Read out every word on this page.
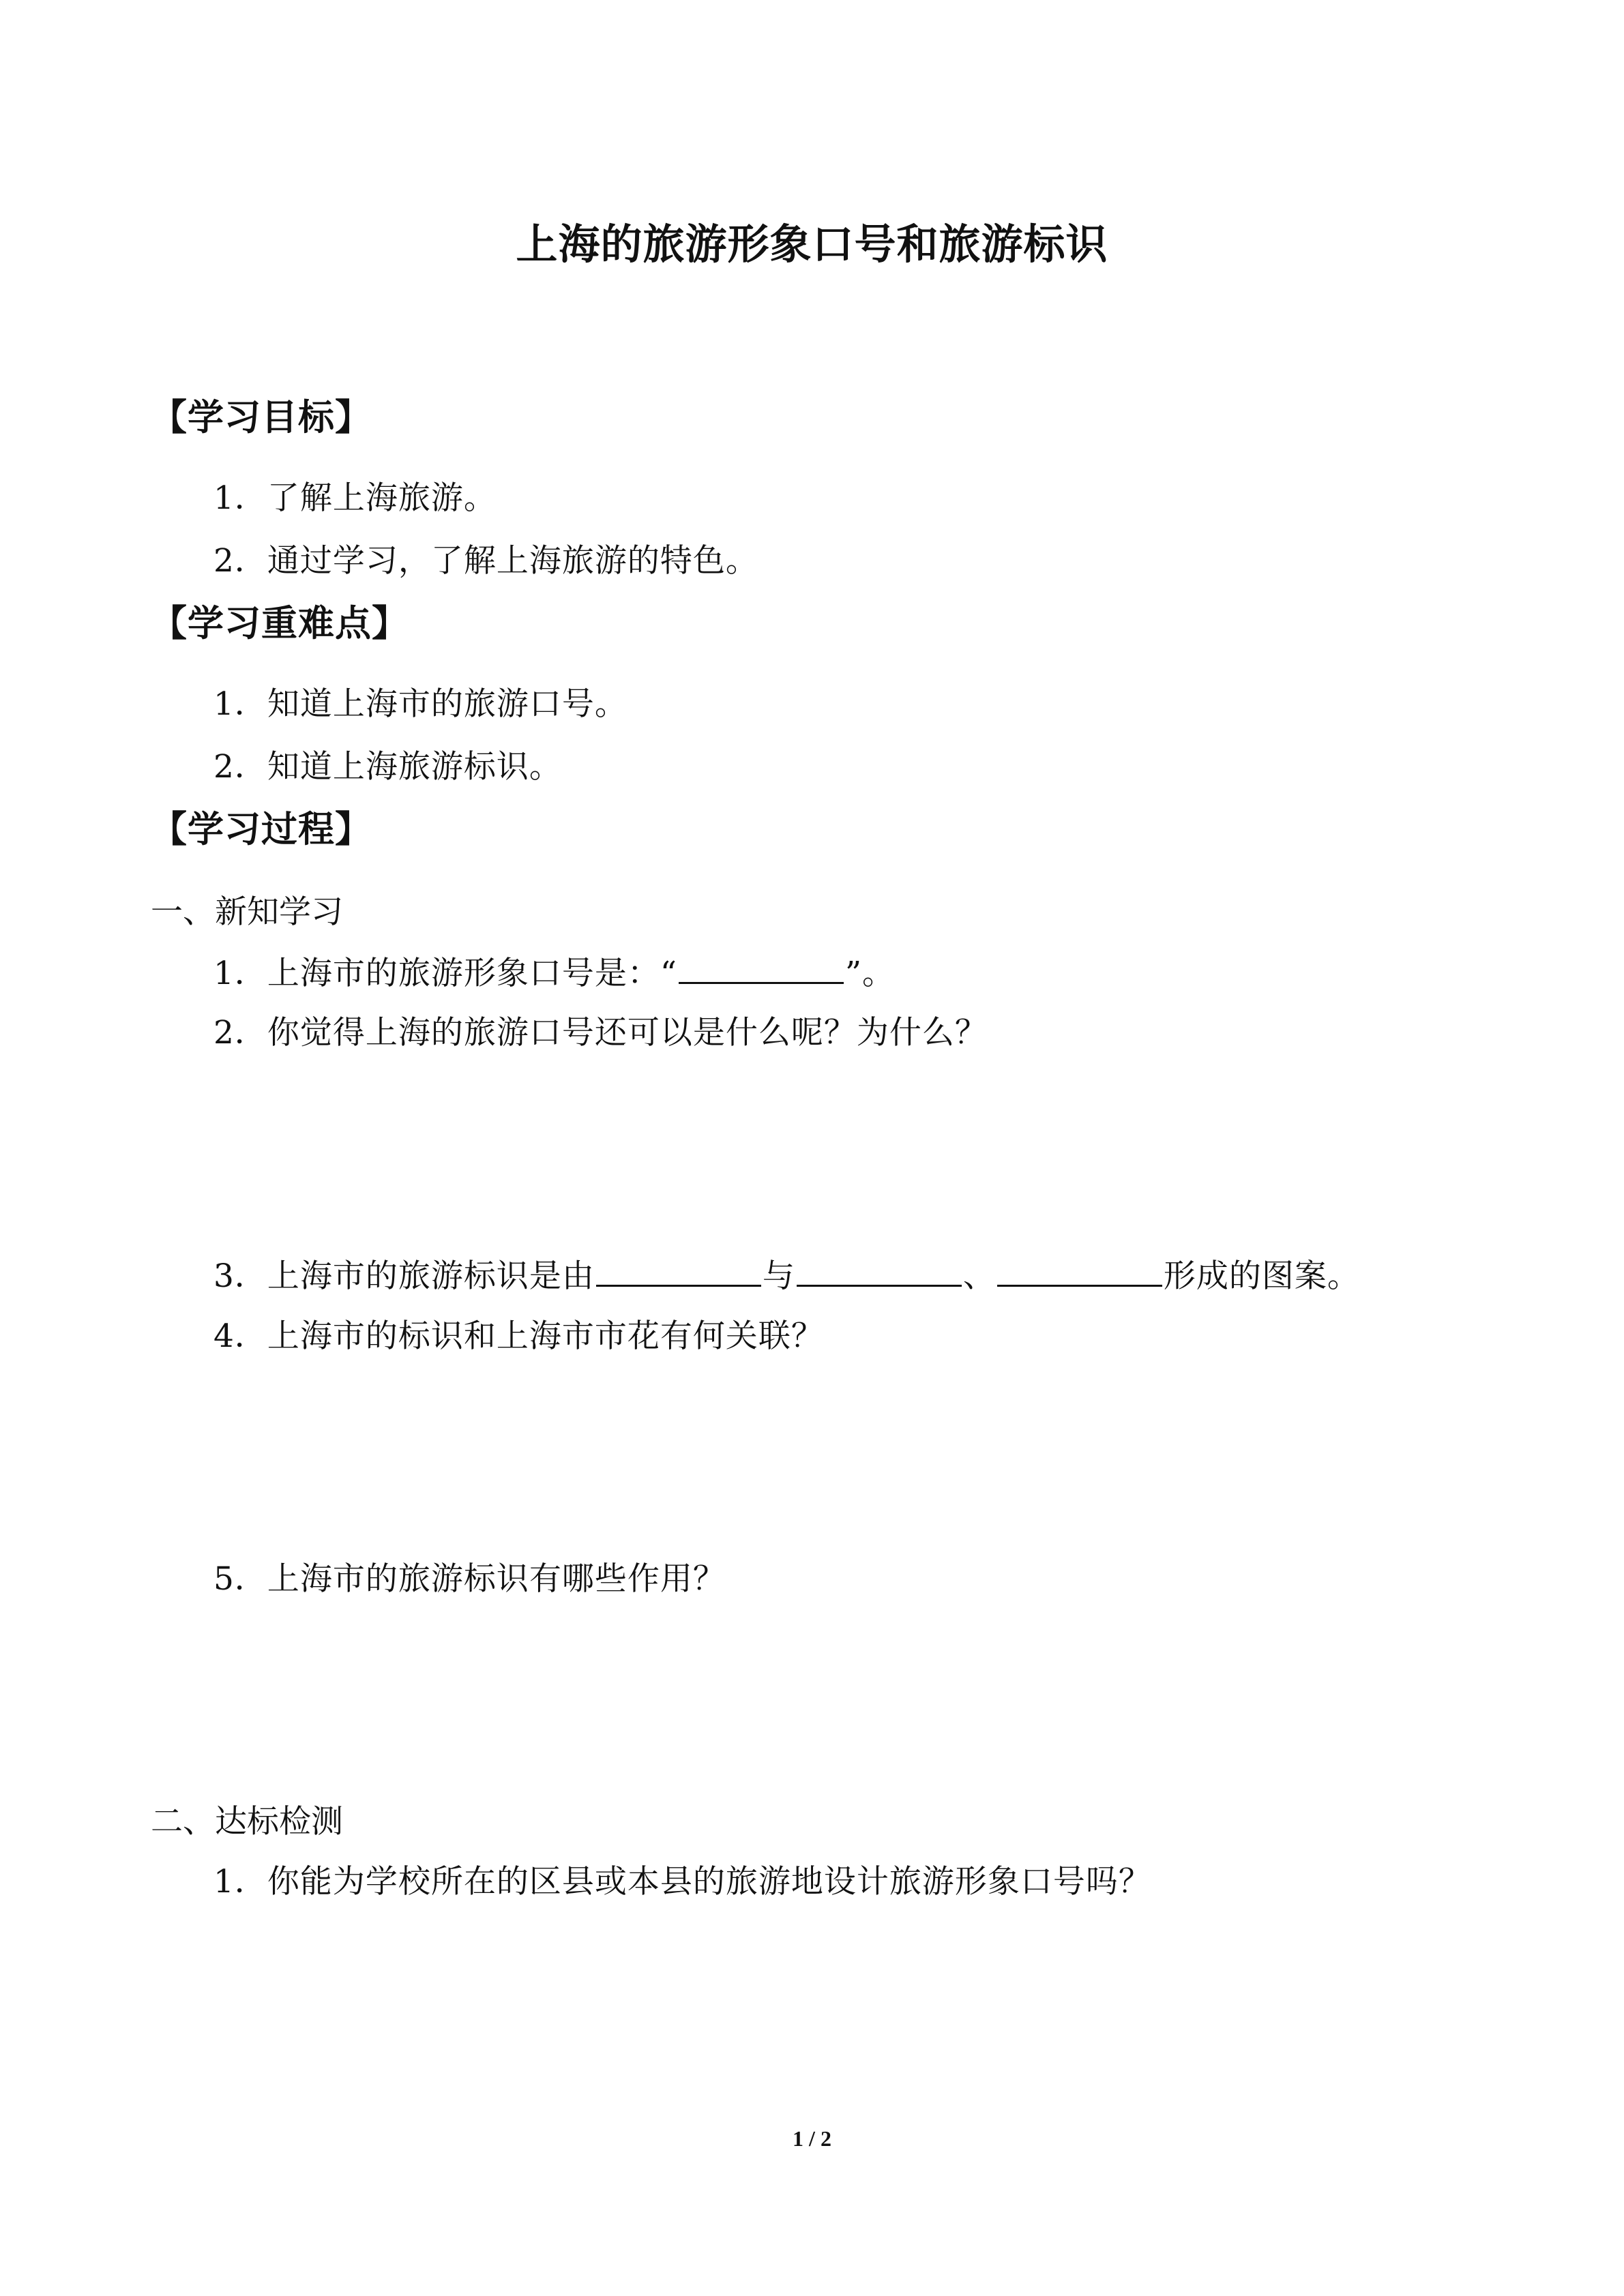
上海的旅游形象口号和旅游标识
【学习目标】
1．了解上海旅游。
2．通过学习，了解上海旅游的特色。
【学习重难点】
1．知道上海市的旅游口号。
2．知道上海旅游标识。
【学习过程】
一、新知学习
1．上海市的旅游形象口号是：“	”。
2．你觉得上海的旅游口号还可以是什么呢？为什么？
3．上海市的旅游标识是由	与	、	形成的图案。
4．上海市的标识和上海市市花有何关联？
5．上海市的旅游标识有哪些作用？
二、达标检测
1．你能为学校所在的区县或本县的旅游地设计旅游形象口号吗？
1 / 2
